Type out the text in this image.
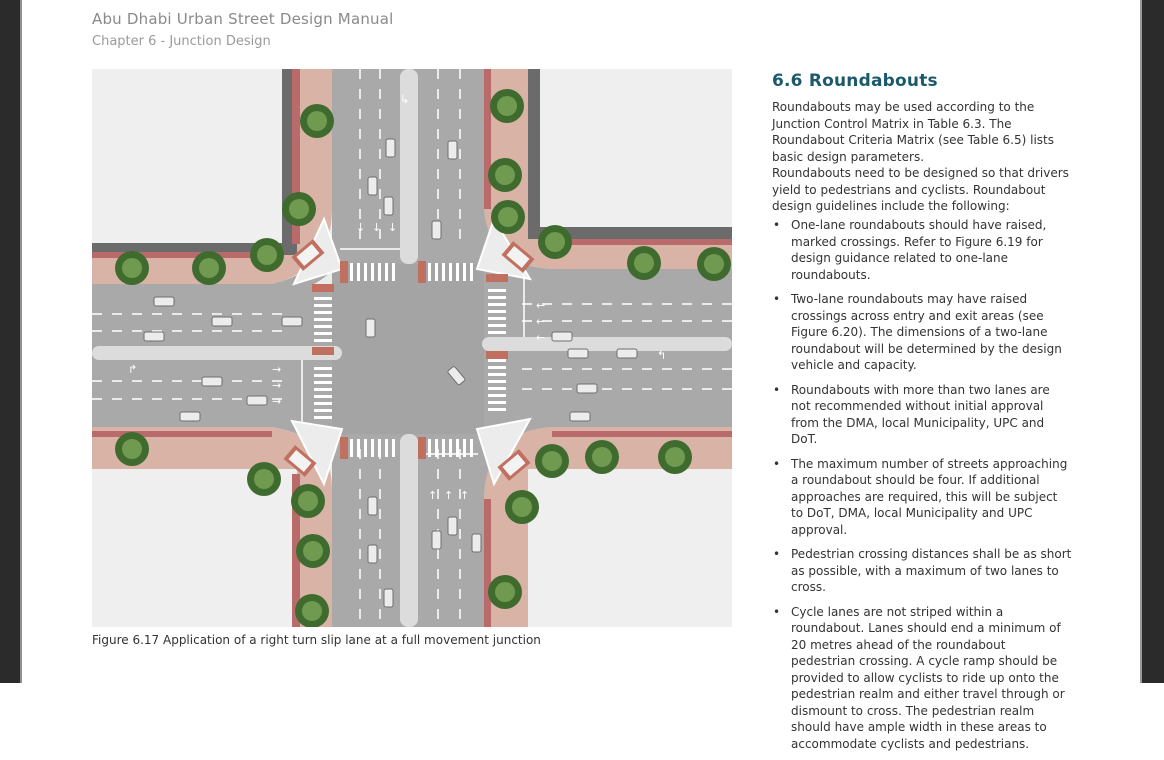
Abu Dhabi Urban Street Design Manual
Chapter 6 - Junction Design
↓ ↓ ↓
↳
↑ ↑ ↑
↱	→
→
→
←
←
←
↰
Figure 6.17 Application of a right turn slip lane at a full movement junction
6.6 Roundabouts
Roundabouts may be used according to the Junction Control Matrix in Table 6.3. The Roundabout Criteria Matrix (see Table 6.5) lists basic design parameters.
Roundabouts need to be designed so that drivers yield to pedestrians and cyclists. Roundabout design guidelines include the following:
• One-lane roundabouts should have raised, marked crossings. Refer to Figure 6.19 for design guidance related to one-lane roundabouts.
• Two-lane roundabouts may have raised crossings across entry and exit areas (see Figure 6.20). The dimensions of a two-lane roundabout will be determined by the design vehicle and capacity.
• Roundabouts with more than two lanes are not recommended without initial approval from the DMA, local Municipality, UPC and DoT.
• The maximum number of streets approaching a roundabout should be four. If additional approaches are required, this will be subject to DoT, DMA, local Municipality and UPC approval.
• Pedestrian crossing distances shall be as short as possible, with a maximum of two lanes to cross.
• Cycle lanes are not striped within a roundabout. Lanes should end a minimum of 20 metres ahead of the roundabout pedestrian crossing. A cycle ramp should be provided to allow cyclists to ride up onto the pedestrian realm and either travel through or dismount to cross. The pedestrian realm should have ample width in these areas to accommodate cyclists and pedestrians.
